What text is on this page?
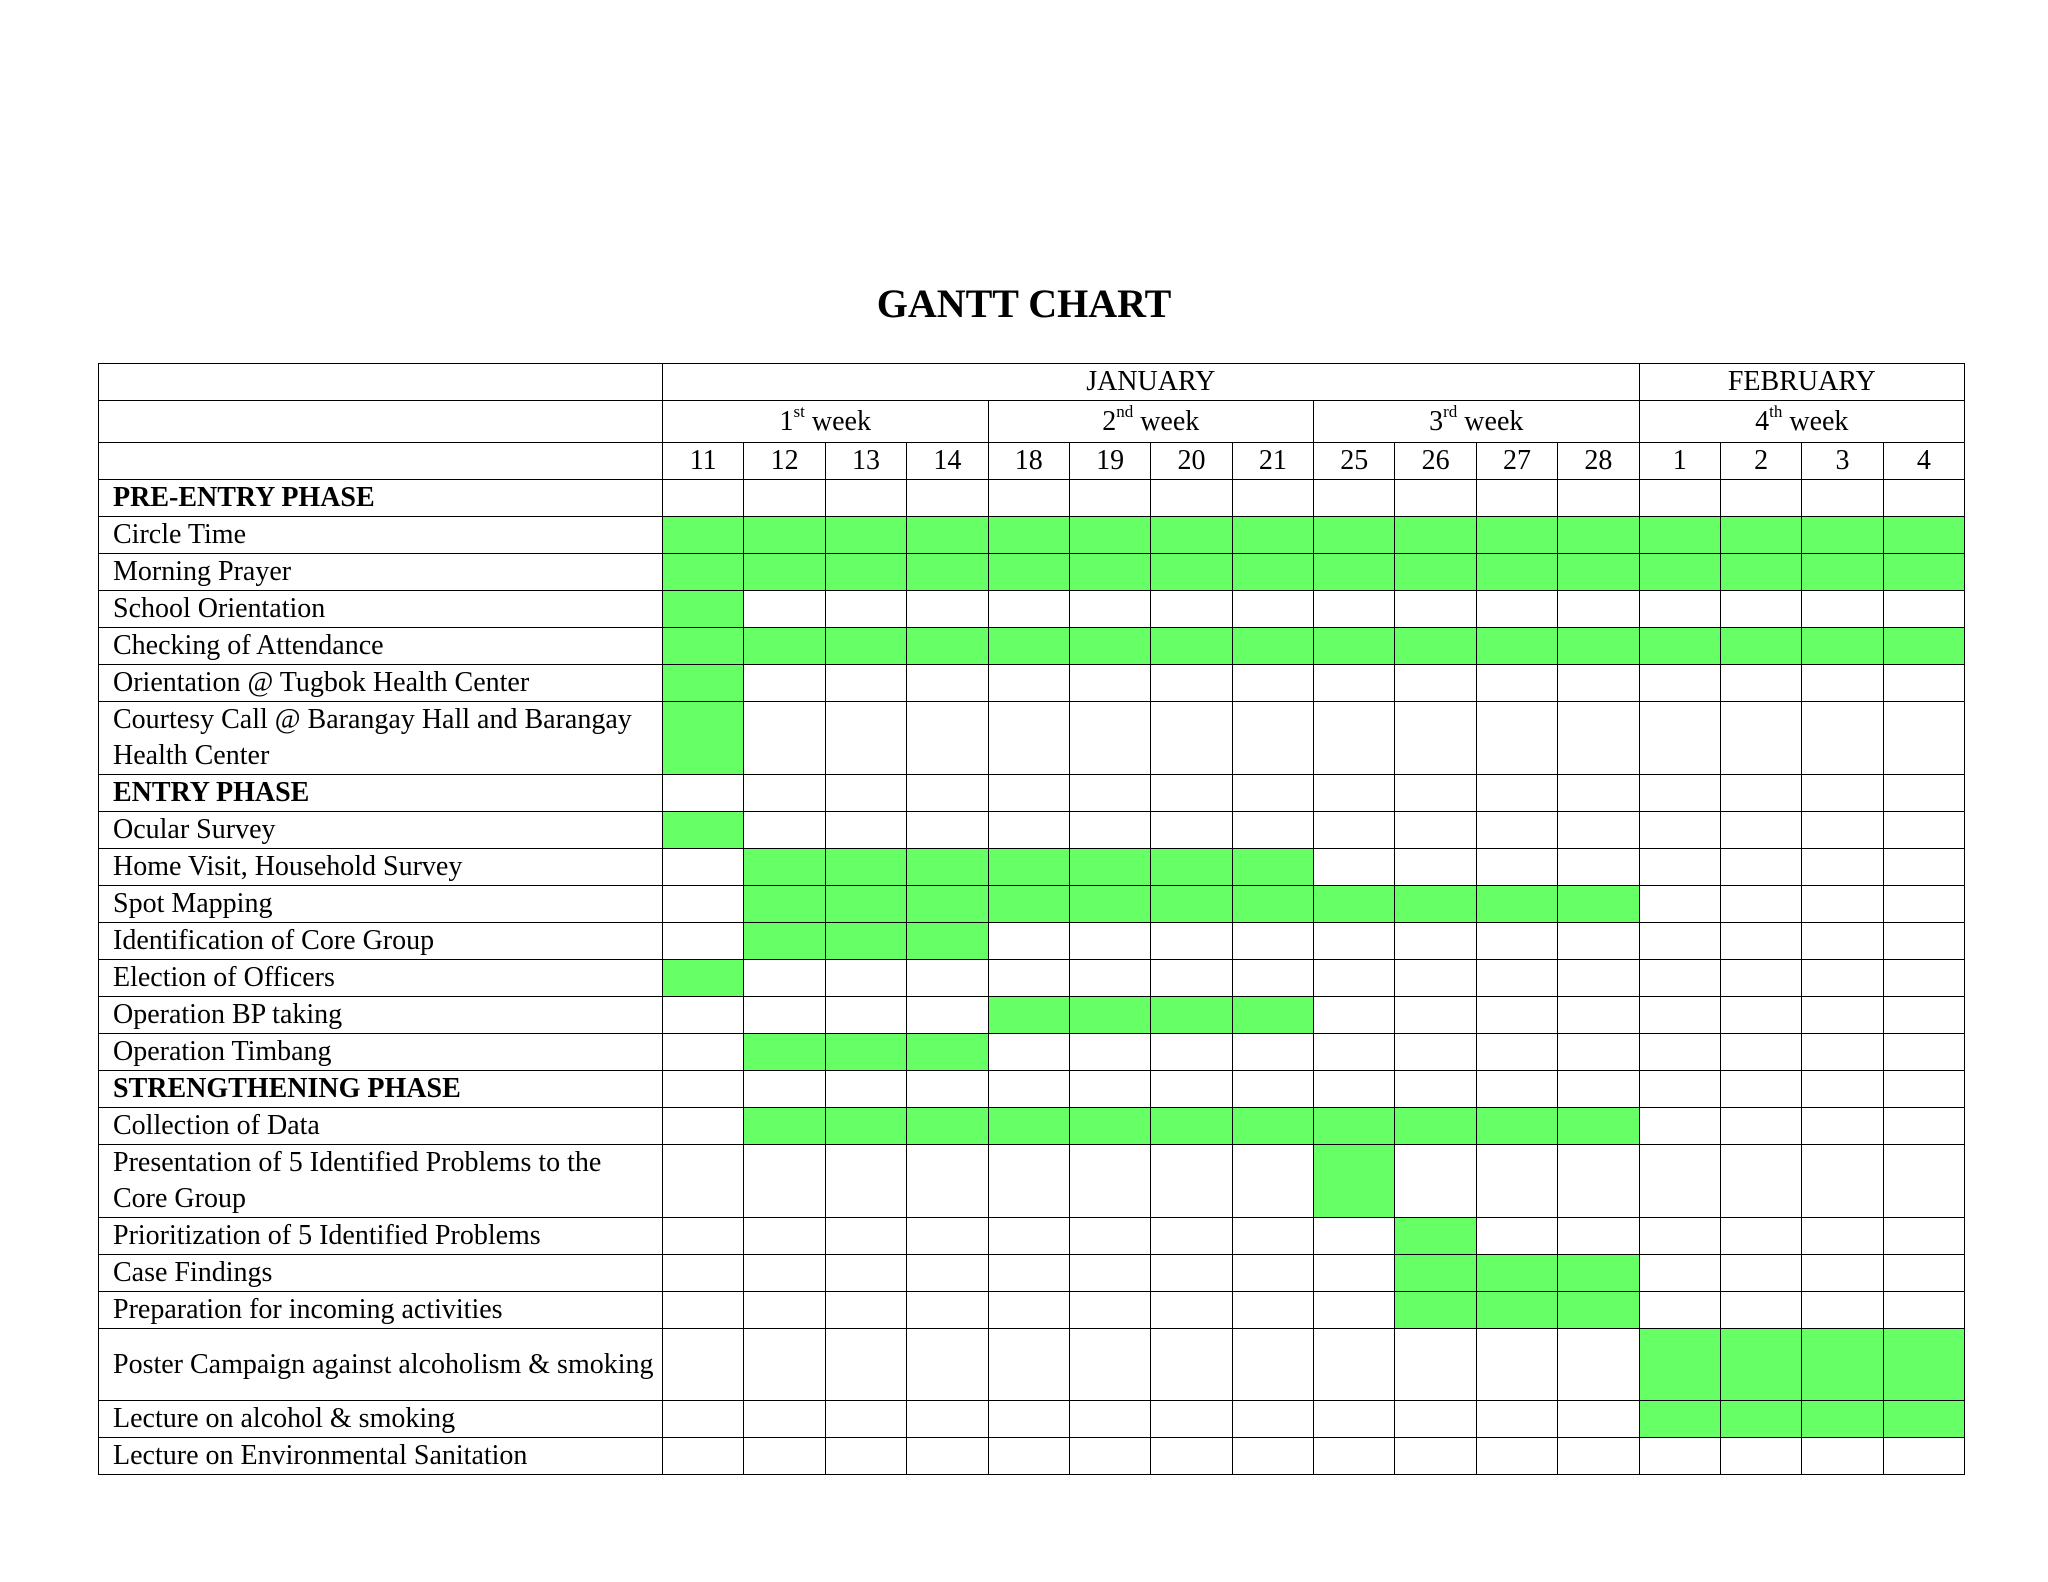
GANTT CHART
	JANUARY												FEBRUARY			
	1st week				2nd week				3rd week				4th week			
	11	12	13	14	18	19	20	21	25	26	27	28	1	2	3	4
PRE-ENTRY PHASE																
Circle Time																
Morning Prayer																
School Orientation																
Checking of Attendance																
Orientation @ Tugbok Health Center																
Courtesy Call @ Barangay Hall and Barangay Health Center																
ENTRY PHASE																
Ocular Survey																
Home Visit, Household Survey																
Spot Mapping																
Identification of Core Group																
Election of Officers																
Operation BP taking																
Operation Timbang																
STRENGTHENING PHASE																
Collection of Data																
Presentation of 5 Identified Problems to the Core Group																
Prioritization of 5 Identified Problems																
Case Findings																
Preparation for incoming activities																
Poster Campaign against alcoholism & smoking																
Lecture on alcohol & smoking																
Lecture on Environmental Sanitation																
